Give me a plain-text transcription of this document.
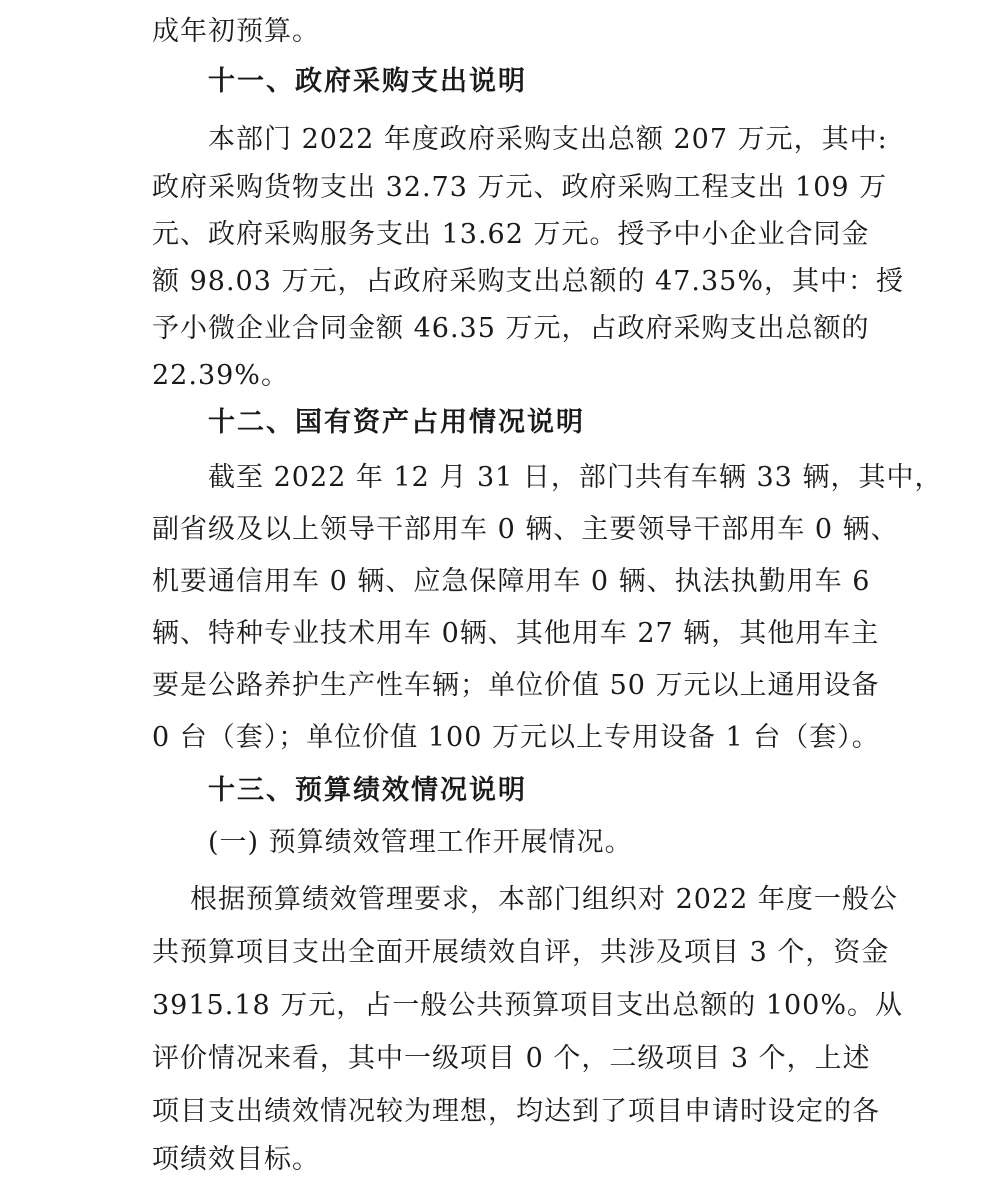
成年初预算。
十一、政府采购支出说明
本部门 2022 年度政府采购支出总额 207 万元，其中:
政府采购货物支出 32.73 万元、政府采购工程支出 109 万
元、政府采购服务支出 13.62 万元。授予中小企业合同金
额 98.03 万元，占政府采购支出总额的 47.35%，其中：授
予小微企业合同金额 46.35 万元，占政府采购支出总额的
22.39%。
十二、国有资产占用情况说明
截至 2022 年 12 月 31 日，部门共有车辆 33 辆，其中，
副省级及以上领导干部用车 0 辆、主要领导干部用车 0 辆、
机要通信用车 0 辆、应急保障用车 0 辆、执法执勤用车 6
辆、特种专业技术用车 0辆、其他用车 27 辆，其他用车主
要是公路养护生产性车辆；单位价值 50 万元以上通用设备
0 台（套）；单位价值 100 万元以上专用设备 1 台（套）。
十三、预算绩效情况说明
(一) 预算绩效管理工作开展情况。
根据预算绩效管理要求，本部门组织对 2022 年度一般公
共预算项目支出全面开展绩效自评，共涉及项目 3 个，资金
3915.18 万元，占一般公共预算项目支出总额的 100%。从
评价情况来看，其中一级项目 0 个，二级项目 3 个，上述
项目支出绩效情况较为理想，均达到了项目申请时设定的各
项绩效目标。
